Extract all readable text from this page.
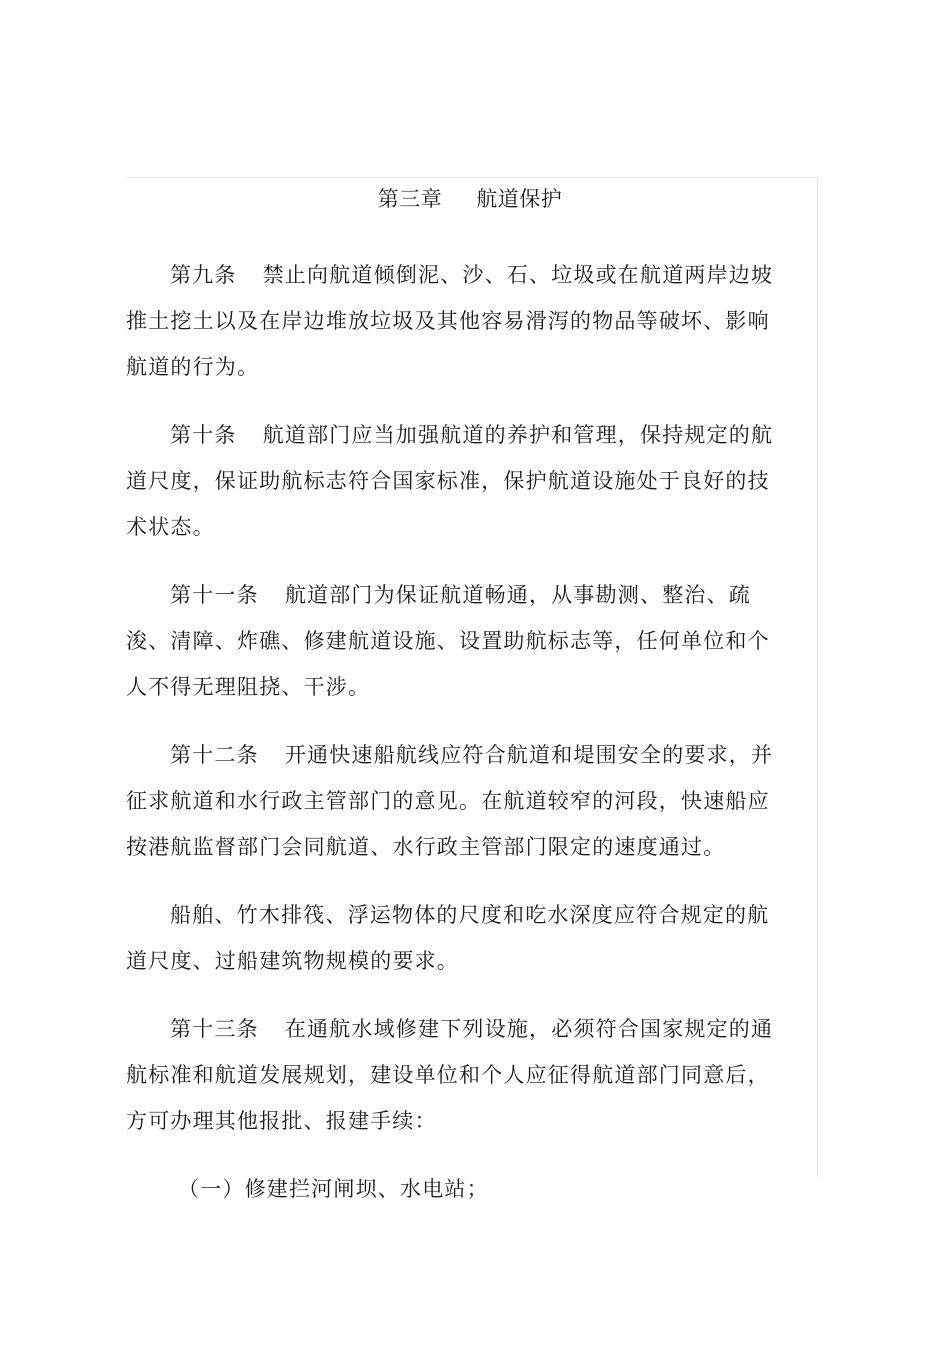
第三章 航道保护

第九条 禁止向航道倾倒泥、沙、石、垃圾或在航道两岸边坡推土挖土以及在岸边堆放垃圾及其他容易滑泻的物品等破坏、影响航道的行为。

第十条 航道部门应当加强航道的养护和管理，保持规定的航道尺度，保证助航标志符合国家标准，保护航道设施处于良好的技术状态。

第十一条 航道部门为保证航道畅通，从事勘测、整治、疏浚、清障、炸礁、修建航道设施、设置助航标志等，任何单位和个人不得无理阻挠、干涉。

第十二条 开通快速船航线应符合航道和堤围安全的要求，并征求航道和水行政主管部门的意见。在航道较窄的河段，快速船应按港航监督部门会同航道、水行政主管部门限定的速度通过。

船舶、竹木排筏、浮运物体的尺度和吃水深度应符合规定的航道尺度、过船建筑物规模的要求。

第十三条 在通航水域修建下列设施，必须符合国家规定的通航标准和航道发展规划，建设单位和个人应征得航道部门同意后，方可办理其他报批、报建手续：

（一）修建拦河闸坝、水电站；
